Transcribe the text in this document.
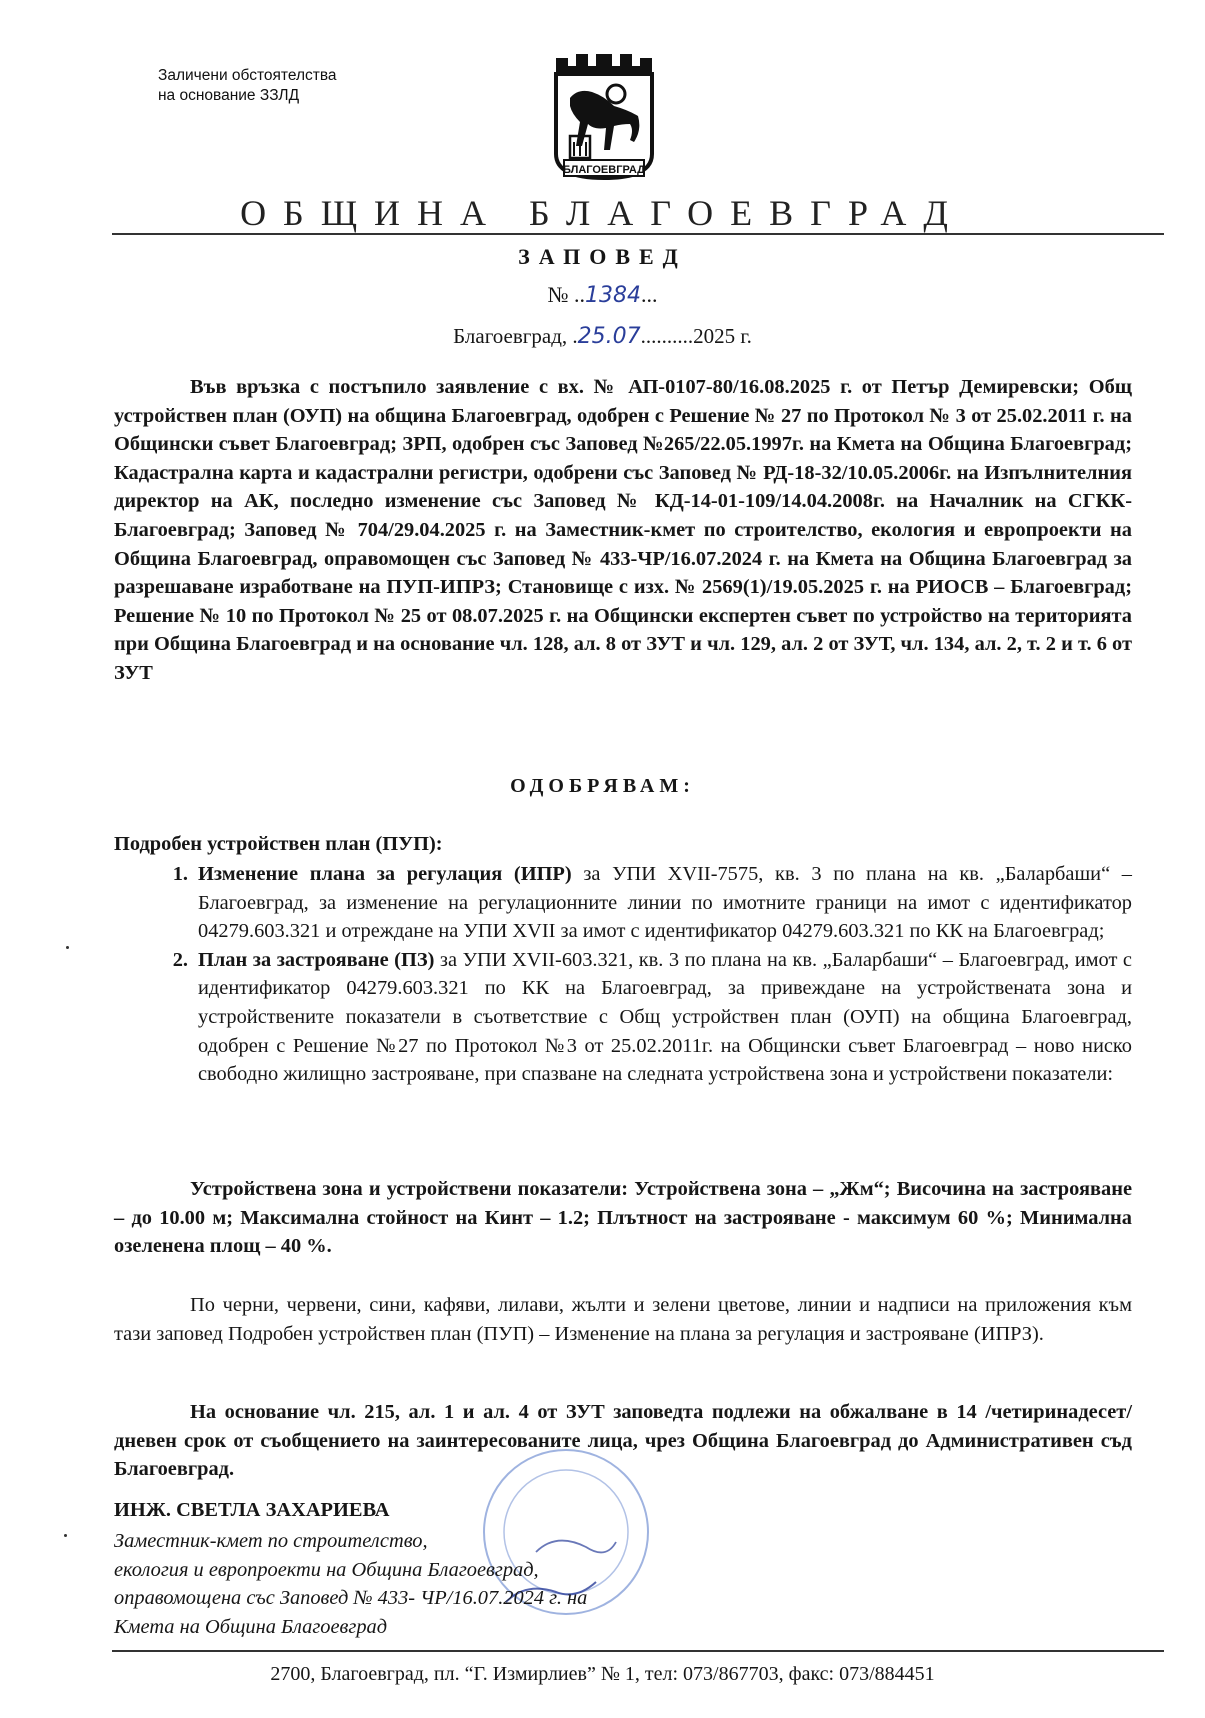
Заличени обстоятелства
на основание ЗЗЛД
БЛАГОЕВГРАД
ОБЩИНА БЛАГОЕВГРАД
ЗАПОВЕД
№ ..1384...
Благоевград, .25.07..........2025 г.
Във връзка с постъпило заявление с вх. № АП-0107-80/16.08.2025 г. от Петър Демиревски; Общ устройствен план (ОУП) на община Благоевград, одобрен с Решение № 27 по Протокол № 3 от 25.02.2011 г. на Общински съвет Благоевград; ЗРП, одобрен със Заповед №265/22.05.1997г. на Кмета на Община Благоевград; Кадастрална карта и кадастрални регистри, одобрени със Заповед № РД-18-32/10.05.2006г. на Изпълнителния директор на АК, последно изменение със Заповед № КД-14-01-109/14.04.2008г. на Началник на СГКК-Благоевград; Заповед № 704/29.04.2025 г. на Заместник-кмет по строителство, екология и европроекти на Община Благоевград, оправомощен със Заповед № 433-ЧР/16.07.2024 г. на Кмета на Община Благоевград за разрешаване изработване на ПУП-ИПРЗ; Становище с изх. № 2569(1)/19.05.2025 г. на РИОСВ – Благоевград; Решение № 10 по Протокол № 25 от 08.07.2025 г. на Общински експертен съвет по устройство на територията при Община Благоевград и на основание чл. 128, ал. 8 от ЗУТ и чл. 129, ал. 2 от ЗУТ, чл. 134, ал. 2, т. 2 и т. 6 от ЗУТ
ОДОБРЯВАМ:
Подробен устройствен план (ПУП):
1. Изменение плана за регулация (ИПР) за УПИ XVII-7575, кв. 3 по плана на кв. „Баларбаши“ – Благоевград, за изменение на регулационните линии по имотните граници на имот с идентификатор 04279.603.321 и отреждане на УПИ XVII за имот с идентификатор 04279.603.321 по КК на Благоевград;
2. План за застрояване (ПЗ) за УПИ XVII-603.321, кв. 3 по плана на кв. „Баларбаши“ – Благоевград, имот с идентификатор 04279.603.321 по КК на Благоевград, за привеждане на устройствената зона и устройствените показатели в съответствие с Общ устройствен план (ОУП) на община Благоевград, одобрен с Решение №27 по Протокол №3 от 25.02.2011г. на Общински съвет Благоевград – ново ниско свободно жилищно застрояване, при спазване на следната устройствена зона и устройствени показатели:
Устройствена зона и устройствени показатели: Устройствена зона – „Жм“; Височина на застрояване – до 10.00 м; Максимална стойност на Кинт – 1.2; Плътност на застрояване - максимум 60 %; Минимална озеленена площ – 40 %.
По черни, червени, сини, кафяви, лилави, жълти и зелени цветове, линии и надписи на приложения към тази заповед Подробен устройствен план (ПУП) – Изменение на плана за регулация и застрояване (ИПРЗ).
На основание чл. 215, ал. 1 и ал. 4 от ЗУТ заповедта подлежи на обжалване в 14 /четиринадесет/ дневен срок от съобщението на заинтересованите лица, чрез Община Благоевград до Административен съд Благоевград.
ИНЖ. СВЕТЛА ЗАХАРИЕВА
Заместник-кмет по строителство,
екология и европроекти на Община Благоевград,
оправомощена със Заповед № 433- ЧР/16.07.2024 г. на
Кмета на Община Благоевград
2700, Благоевград, пл. “Г. Измирлиев” № 1, тел: 073/867703, факс: 073/884451
